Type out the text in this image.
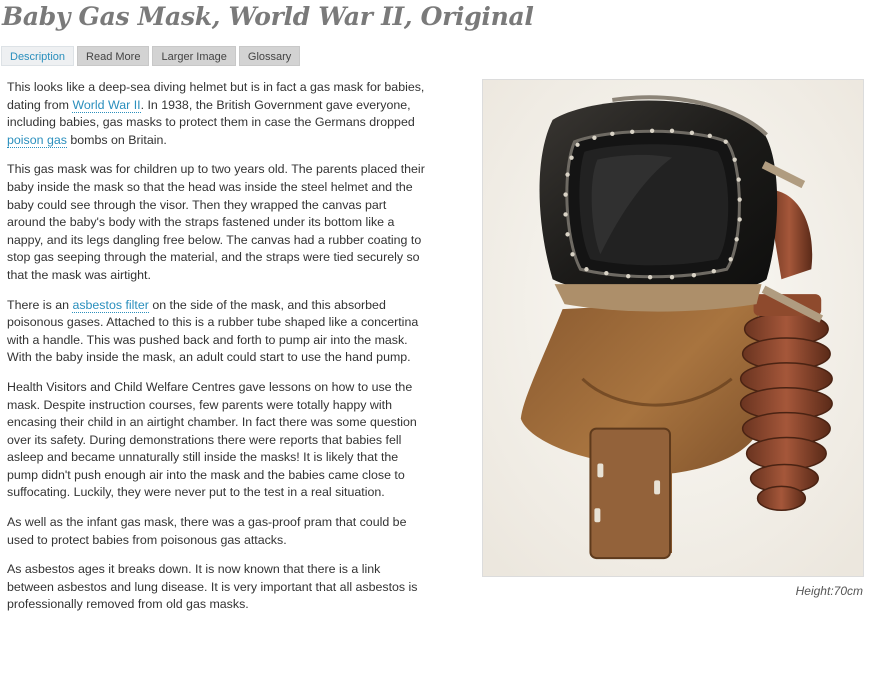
Baby Gas Mask, World War II, Original
Description	Read More	Larger Image	Glossary

This looks like a deep-sea diving helmet but is in fact a gas mask for babies, dating from World War II. In 1938, the British Government gave everyone, including babies, gas masks to protect them in case the Germans dropped poison gas bombs on Britain.

This gas mask was for children up to two years old. The parents placed their baby inside the mask so that the head was inside the steel helmet and the baby could see through the visor. Then they wrapped the canvas part around the baby's body with the straps fastened under its bottom like a nappy, and its legs dangling free below. The canvas had a rubber coating to stop gas seeping through the material, and the straps were tied securely so that the mask was airtight.

There is an asbestos filter on the side of the mask, and this absorbed poisonous gases. Attached to this is a rubber tube shaped like a concertina with a handle. This was pushed back and forth to pump air into the mask. With the baby inside the mask, an adult could start to use the hand pump.

Health Visitors and Child Welfare Centres gave lessons on how to use the mask. Despite instruction courses, few parents were totally happy with encasing their child in an airtight chamber. In fact there was some question over its safety. During demonstrations there were reports that babies fell asleep and became unnaturally still inside the masks! It is likely that the pump didn't push enough air into the mask and the babies came close to suffocating. Luckily, they were never put to the test in a real situation.

As well as the infant gas mask, there was a gas-proof pram that could be used to protect babies from poisonous gas attacks.

As asbestos ages it breaks down. It is now known that there is a link between asbestos and lung disease. It is very important that all asbestos is professionally removed from old gas masks.

Height:70cm
